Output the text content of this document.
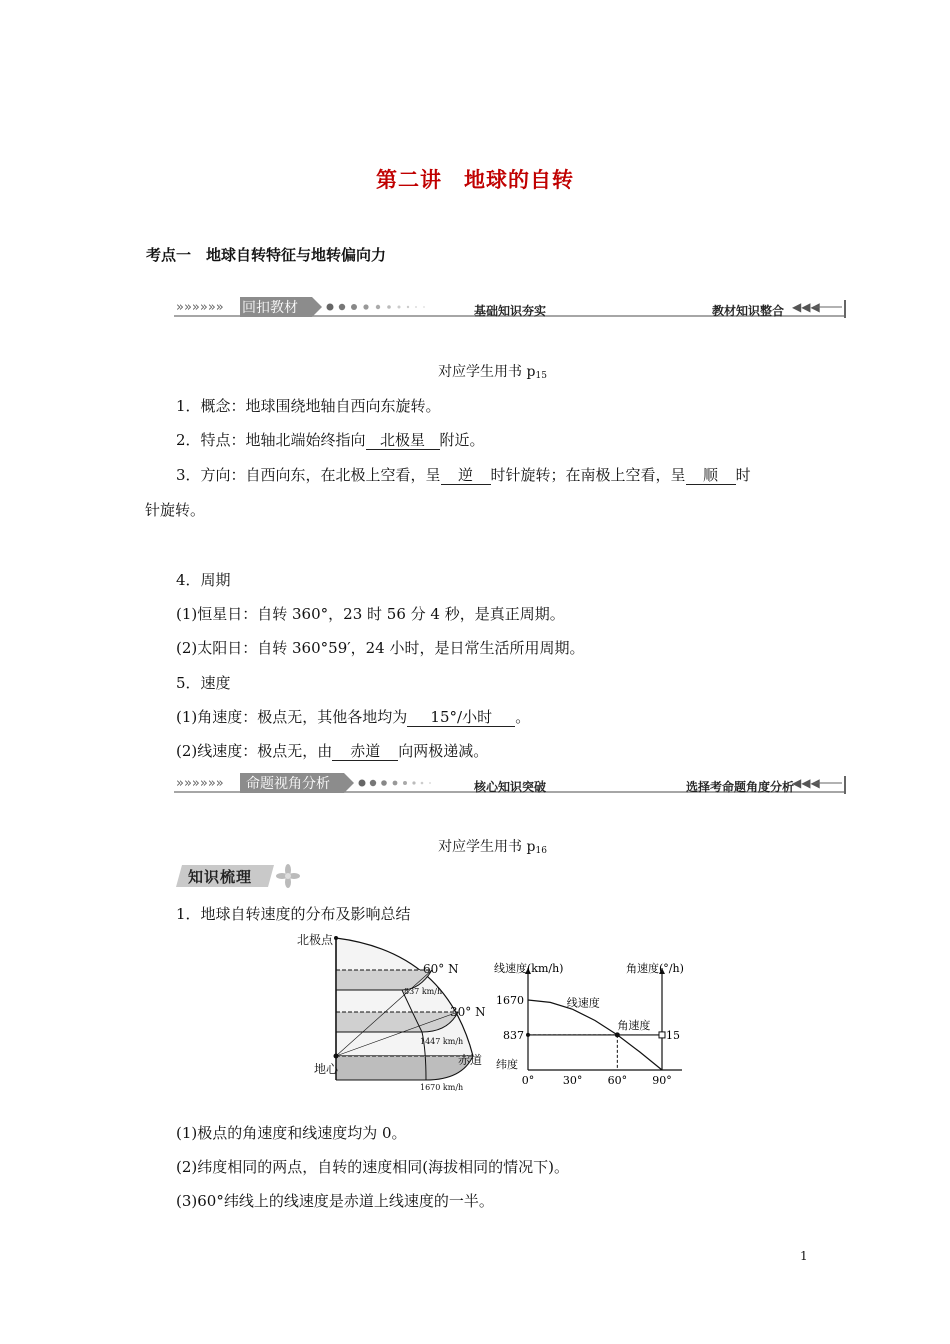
第二讲　地球的自转
考点一　地球自转特征与地转偏向力
»»»»»»	◀◀◀
回扣教材	基础知识夯实	教材知识整合
对应学生用书 $p_{15}$
1．概念：地球围绕地轴自西向东旋转。
2．特点：地轴北端始终指向 北极星 附近。
3．方向：自西向东，在北极上空看，呈 逆 时针旋转；在南极上空看，呈 顺 时
针旋转。
4．周期
(1)恒星日：自转 360°，23 时 56 分 4 秒，是真正周期。
(2)太阳日：自转 360°59′，24 小时，是日常生活所用周期。
5．速度
(1)角速度：极点无，其他各地均为 15°/小时 。
(2)线速度：极点无，由 赤道 向两极递减。
»»»»»»	◀◀◀
命题视角分析	核心知识突破	选择考命题角度分析
对应学生用书 $p_{16}$
知识梳理
1．地球自转速度的分布及影响总结
北极点
地心
60° N
30° N
赤道
837 km/h
1447 km/h
1670 km/h
0°	30° 60° 90°
1670
837	15
纬度
线速度(km/h)	角速度(°/h)
线速度
角速度
(1)极点的角速度和线速度均为 0。
(2)纬度相同的两点，自转的速度相同(海拔相同的情况下)。
(3)60°纬线上的线速度是赤道上线速度的一半。
1
